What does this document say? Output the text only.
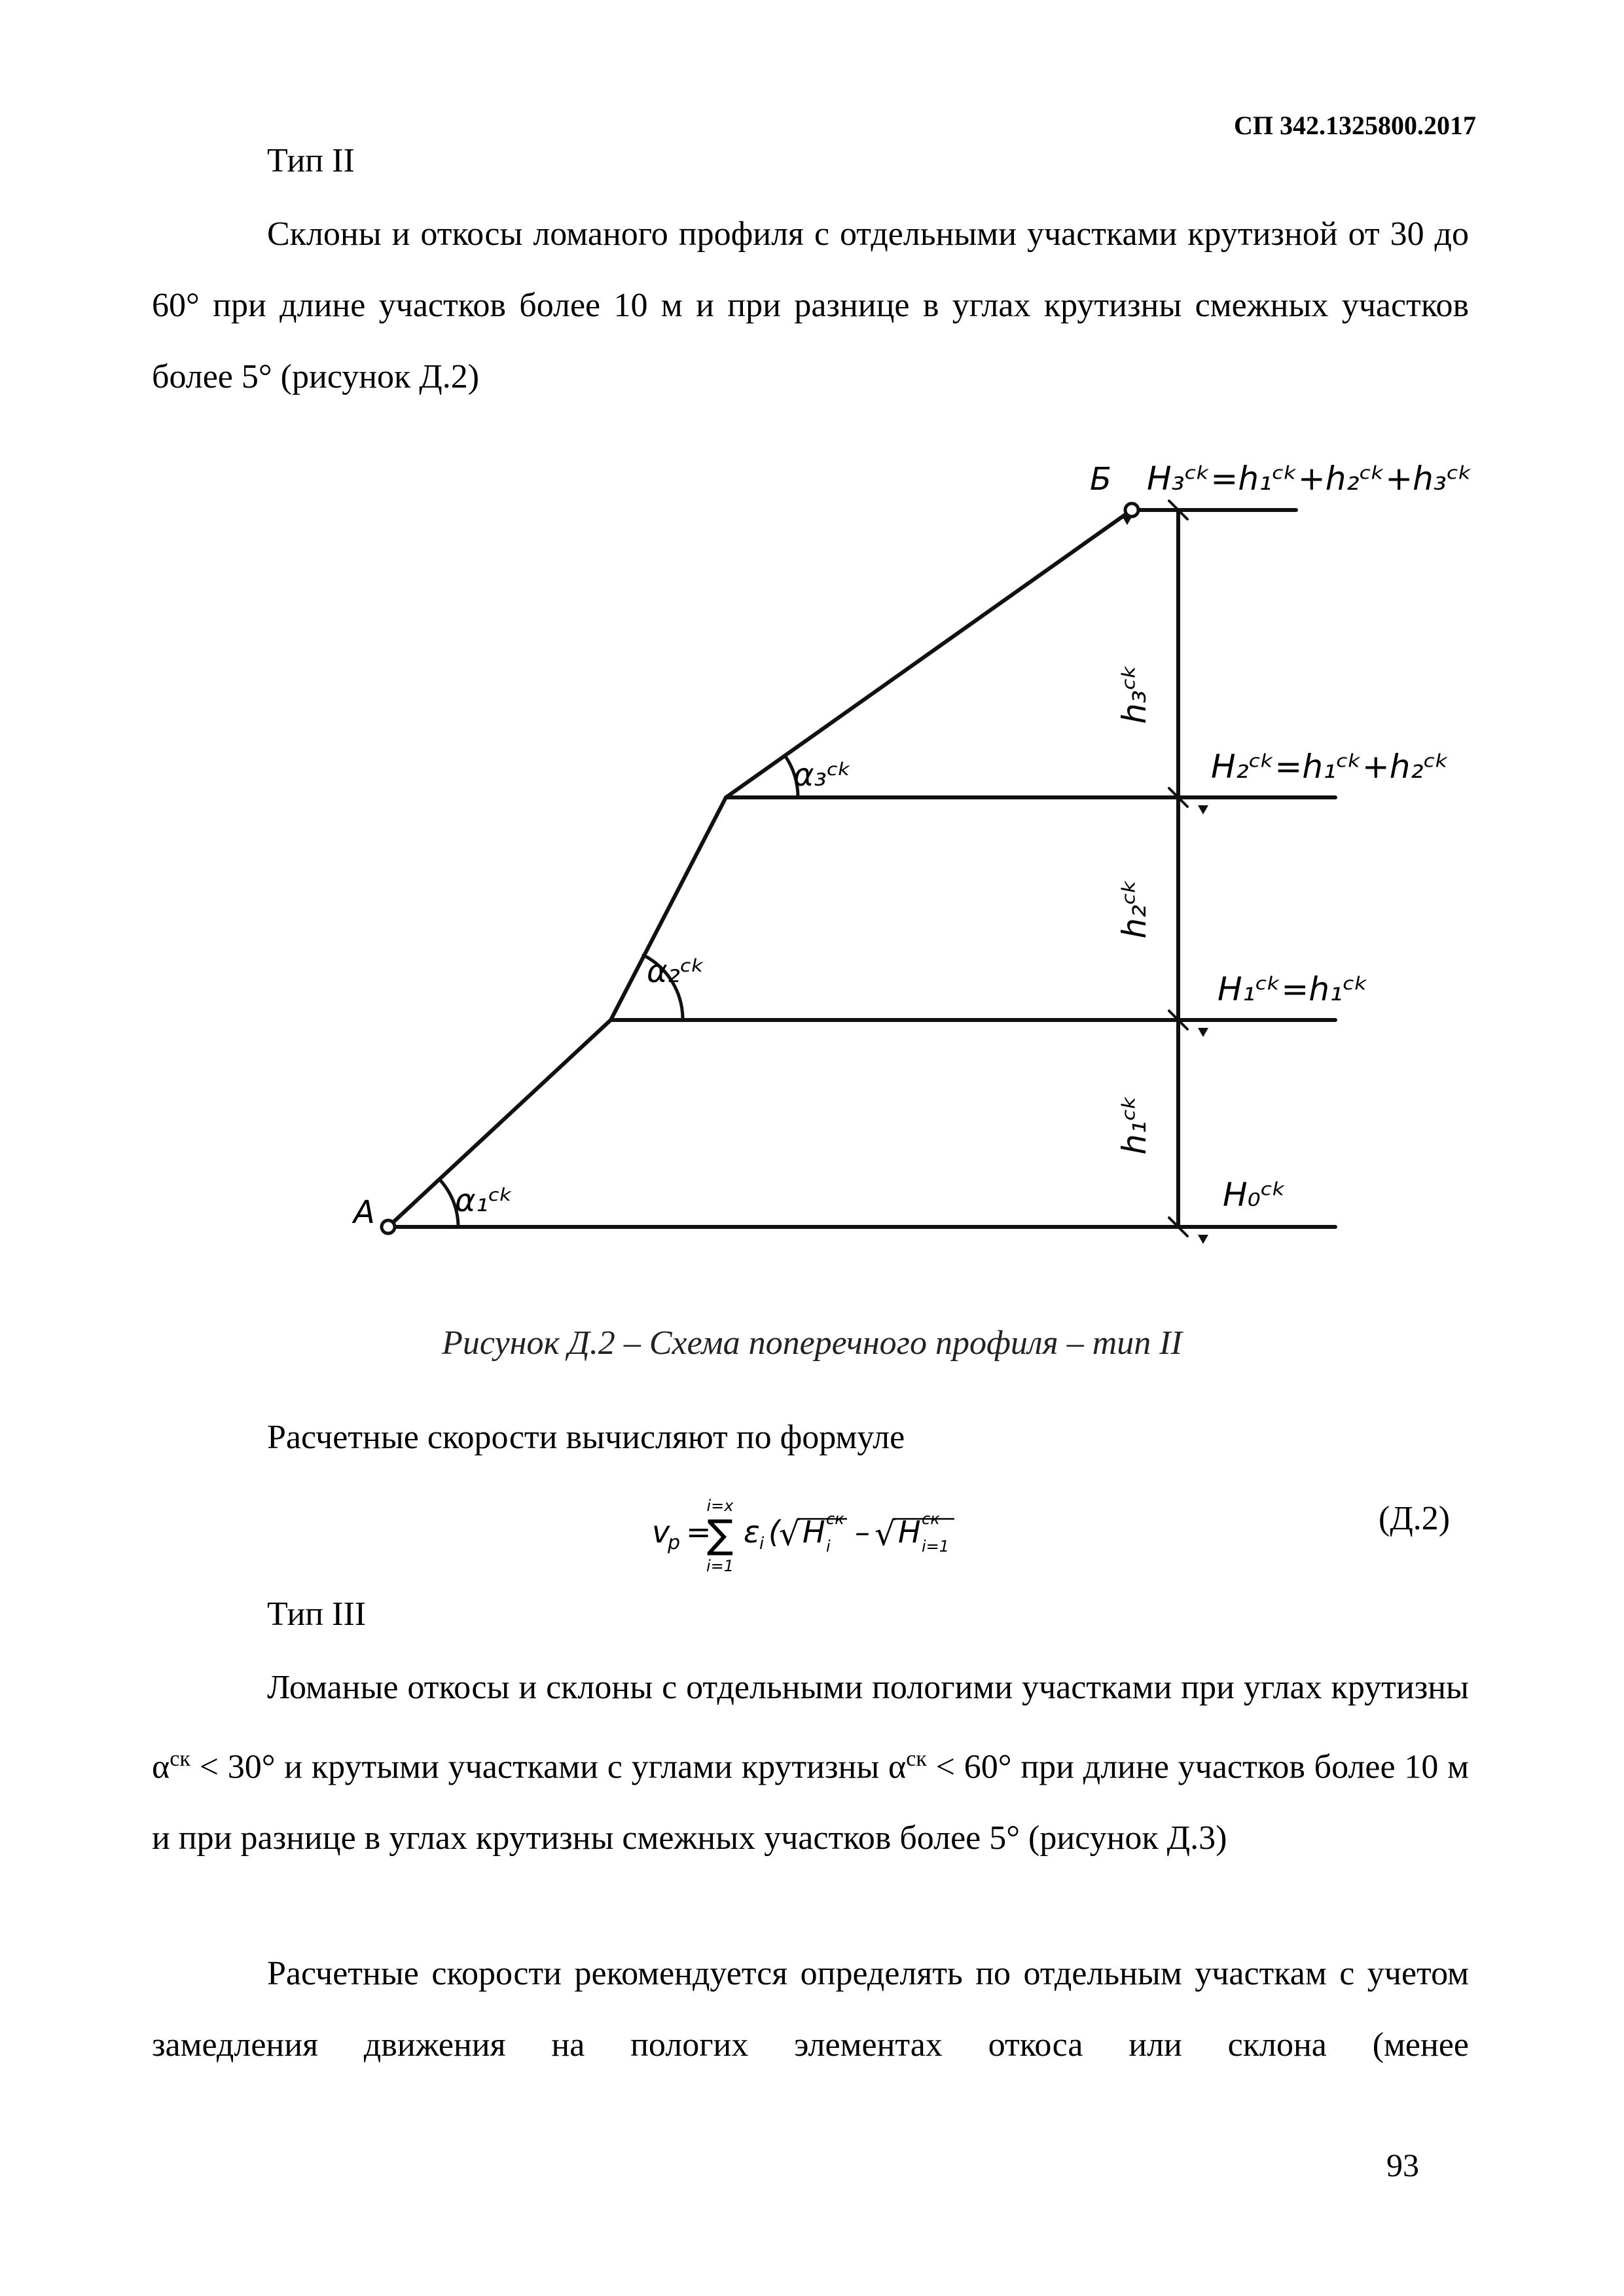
СП 342.1325800.2017
Тип II

Склоны и откосы ломаного профиля с отдельными участками крутизной от 30 до 60° при длине участков более 10 м и при разнице в углах крутизны смежных участков более 5° (рисунок Д.2)

А
Б H₃ᶜᵏ=h₁ᶜᵏ+h₂ᶜᵏ+h₃ᶜᵏ
H₂ᶜᵏ=h₁ᶜᵏ+h₂ᶜᵏ
H₁ᶜᵏ=h₁ᶜᵏ
H₀ᶜᵏ
h₃ᶜᵏ
h₂ᶜᵏ
h₁ᶜᵏ
α₁ᶜᵏ
α₂ᶜᵏ
α₃ᶜᵏ
Рисунок Д.2 – Схема поперечного профиля – тип II
Расчетные скорости вычисляют по формуле
v
р =
i=x
∑
i=1
ε i (
√ H ск
i – √ H ск
i=1
(Д.2)
Тип III

Ломаные откосы и склоны с отдельными пологими участками при углах крутизны $\alpha^{ск} < 30^\circ$ и крутыми участками с углами крутизны $\alpha^{ск} < 60^\circ$ при длине участков более 10 м и при разнице в углах крутизны смежных участков более 5° (рисунок Д.3)

Расчетные скорости рекомендуется определять по отдельным участкам с учетом замедления движения на пологих элементах откоса или склона (менее

93
